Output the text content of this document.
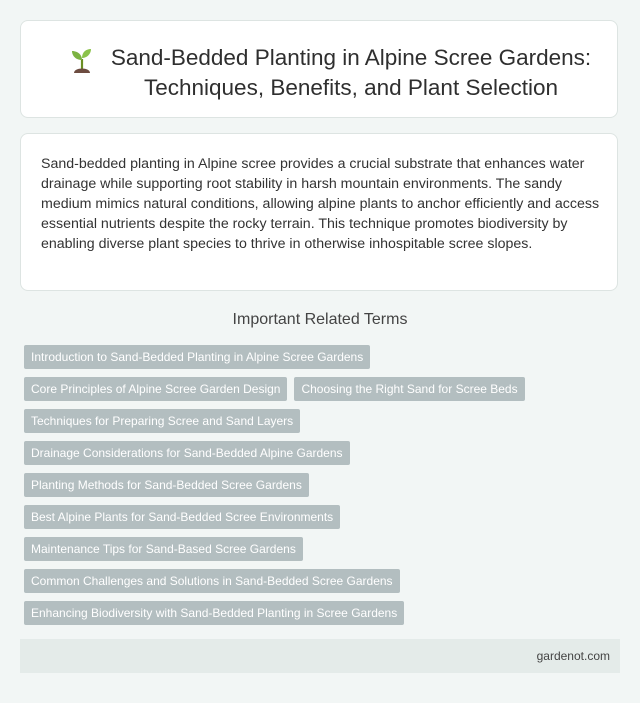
Sand-Bedded Planting in Alpine Scree Gardens: Techniques, Benefits, and Plant Selection
Sand-bedded planting in Alpine scree provides a crucial substrate that enhances water drainage while supporting root stability in harsh mountain environments. The sandy medium mimics natural conditions, allowing alpine plants to anchor efficiently and access essential nutrients despite the rocky terrain. This technique promotes biodiversity by enabling diverse plant species to thrive in otherwise inhospitable scree slopes.
Important Related Terms
Introduction to Sand-Bedded Planting in Alpine Scree Gardens
Core Principles of Alpine Scree Garden Design	Choosing the Right Sand for Scree Beds
Techniques for Preparing Scree and Sand Layers
Drainage Considerations for Sand-Bedded Alpine Gardens
Planting Methods for Sand-Bedded Scree Gardens
Best Alpine Plants for Sand-Bedded Scree Environments
Maintenance Tips for Sand-Based Scree Gardens
Common Challenges and Solutions in Sand-Bedded Scree Gardens
Enhancing Biodiversity with Sand-Bedded Planting in Scree Gardens
gardenot.com
